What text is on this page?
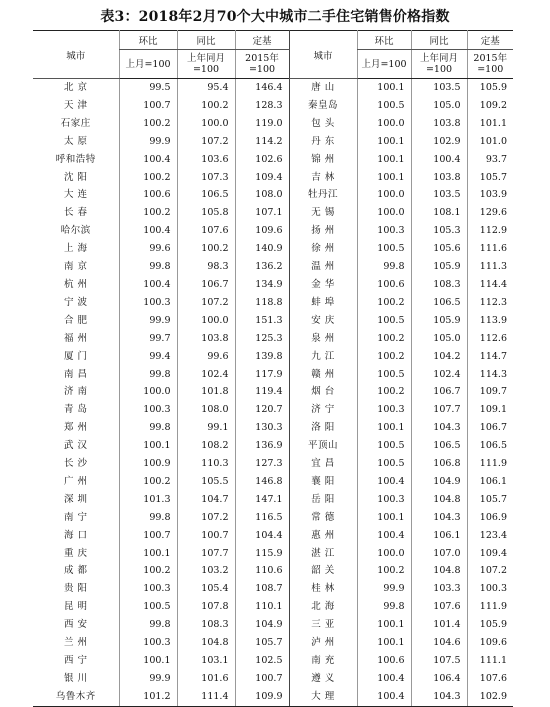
表3：2018年2月70个大中城市二手住宅销售价格指数
城市	环比	同比	定基	城市	环比	同比	定基
	上月=100	上年同月=100	2015年=100		上月=100	上年同月=100	2015年=100
北 京	99.5	95.4	146.4	唐 山	100.1	103.5	105.9
天 津	100.7	100.2	128.3	秦皇岛	100.5	105.0	109.2
石家庄	100.2	100.0	119.0	包 头	100.0	103.8	101.1
太 原	99.9	107.2	114.2	丹 东	100.1	102.9	101.0
呼和浩特	100.4	103.6	102.6	锦 州	100.1	100.4	93.7
沈 阳	100.2	107.3	109.4	吉 林	100.1	103.8	105.7
大 连	100.6	106.5	108.0	牡丹江	100.0	103.5	103.9
长 春	100.2	105.8	107.1	无 锡	100.0	108.1	129.6
哈尔滨	100.4	107.6	109.6	扬 州	100.3	105.3	112.9
上 海	99.6	100.2	140.9	徐 州	100.5	105.6	111.6
南 京	99.8	98.3	136.2	温 州	99.8	105.9	111.3
杭 州	100.4	106.7	134.9	金 华	100.6	108.3	114.4
宁 波	100.3	107.2	118.8	蚌 埠	100.2	106.5	112.3
合 肥	99.9	100.0	151.3	安 庆	100.5	105.9	113.9
福 州	99.7	103.8	125.3	泉 州	100.2	105.0	112.6
厦 门	99.4	99.6	139.8	九 江	100.2	104.2	114.7
南 昌	99.8	102.4	117.9	赣 州	100.5	102.4	114.3
济 南	100.0	101.8	119.4	烟 台	100.2	106.7	109.7
青 岛	100.3	108.0	120.7	济 宁	100.3	107.7	109.1
郑 州	99.8	99.1	130.3	洛 阳	100.1	104.3	106.7
武 汉	100.1	108.2	136.9	平顶山	100.5	106.5	106.5
长 沙	100.9	110.3	127.3	宜 昌	100.5	106.8	111.9
广 州	100.2	105.5	146.8	襄 阳	100.4	104.9	106.1
深 圳	101.3	104.7	147.1	岳 阳	100.3	104.8	105.7
南 宁	99.8	107.2	116.5	常 德	100.1	104.3	106.9
海 口	100.7	100.7	104.4	惠 州	100.4	106.1	123.4
重 庆	100.1	107.7	115.9	湛 江	100.0	107.0	109.4
成 都	100.2	103.2	110.6	韶 关	100.2	104.8	107.2
贵 阳	100.3	105.4	108.7	桂 林	99.9	103.3	100.3
昆 明	100.5	107.8	110.1	北 海	99.8	107.6	111.9
西 安	99.8	108.3	104.9	三 亚	100.1	101.4	105.9
兰 州	100.3	104.8	105.7	泸 州	100.1	104.6	109.6
西 宁	100.1	103.1	102.5	南 充	100.6	107.5	111.1
银 川	99.9	101.6	100.7	遵 义	100.4	106.4	107.6
乌鲁木齐	101.2	111.4	109.9	大 理	100.4	104.3	102.9
